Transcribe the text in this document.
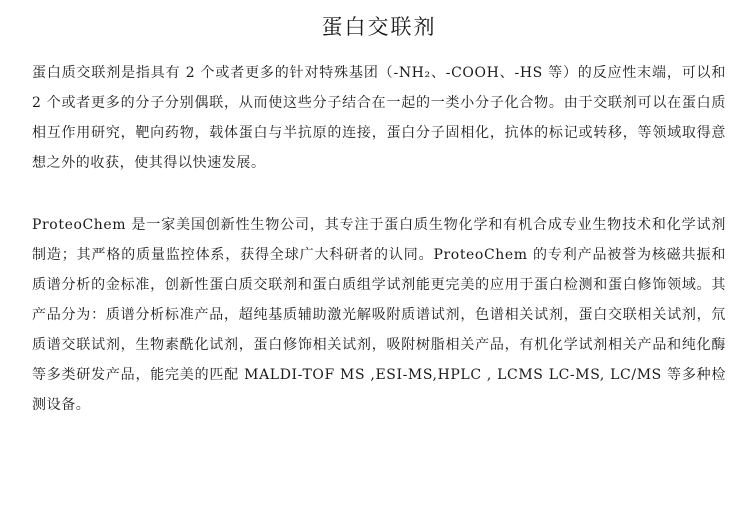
蛋白交联剂

蛋白质交联剂是指具有 2 个或者更多的针对特殊基团（-NH₂、-COOH、-HS 等）的反应性末端，可以和 2 个或者更多的分子分别偶联，从而使这些分子结合在一起的一类小分子化合物。由于交联剂可以在蛋白质相互作用研究，靶向药物，载体蛋白与半抗原的连接，蛋白分子固相化，抗体的标记或转移，等领域取得意想之外的收获，使其得以快速发展。

ProteoChem 是一家美国创新性生物公司，其专注于蛋白质生物化学和有机合成专业生物技术和化学试剂制造；其严格的质量监控体系，获得全球广大科研者的认同。ProteoChem 的专利产品被誉为核磁共振和质谱分析的金标准，创新性蛋白质交联剂和蛋白质组学试剂能更完美的应用于蛋白检测和蛋白修饰领域。其产品分为：质谱分析标准产品，超纯基质辅助激光解吸附质谱试剂，色谱相关试剂，蛋白交联相关试剂，氘质谱交联试剂，生物素酰化试剂，蛋白修饰相关试剂，吸附树脂相关产品，有机化学试剂相关产品和纯化酶等多类研发产品，能完美的匹配 MALDI-TOF MS ,ESI-MS,HPLC , LCMS LC-MS, LC/MS 等多种检测设备。
